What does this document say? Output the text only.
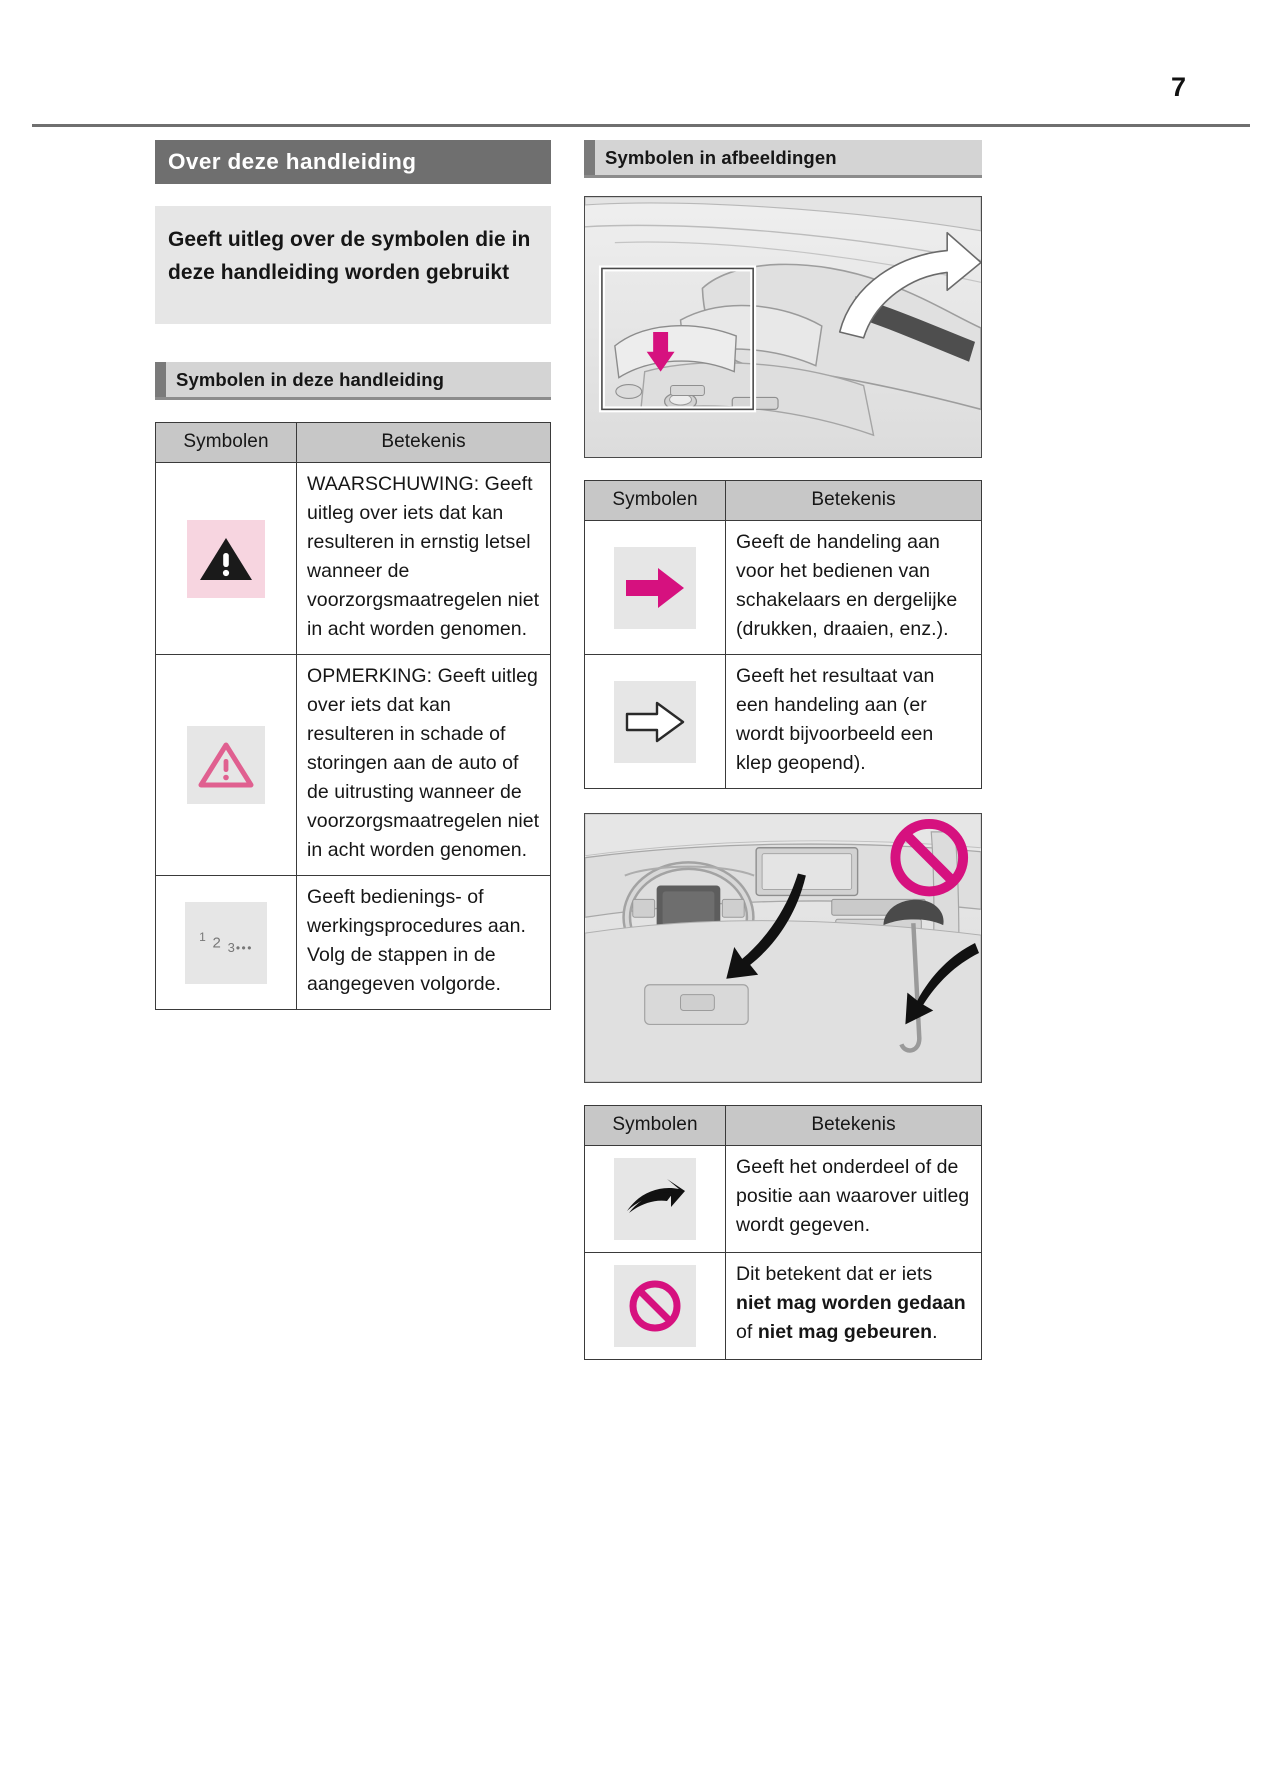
7
Over deze handleiding
Geeft uitleg over de symbolen die in deze handleiding worden gebruikt
Symbolen in deze handleiding
Symbolen	Betekenis

	WAARSCHUWING: Geeft uitleg over iets dat kan resulteren in ernstig letsel wanneer de voorzorgsmaatregelen niet in acht worden genomen.

	OPMERKING: Geeft uitleg over iets dat kan resulteren in schade of storingen aan de auto of de uitrusting wanneer de voorzorgsmaatregelen niet in acht worden genomen.

$^1$ 2 $_{3•••}$	Geeft bedienings- of werkingsprocedures aan. Volg de stappen in de aangegeven volgorde.
Symbolen in afbeeldingen
Symbolen	Betekenis

	Geeft de handeling aan voor het bedienen van schakelaars en dergelijke (drukken, draaien, enz.).

	Geeft het resultaat van een handeling aan (er wordt bijvoorbeeld een klep geopend).
Symbolen	Betekenis

	Geeft het onderdeel of de positie aan waarover uitleg wordt gegeven.

	Dit betekent dat er iets niet mag worden gedaan of niet mag gebeuren.
